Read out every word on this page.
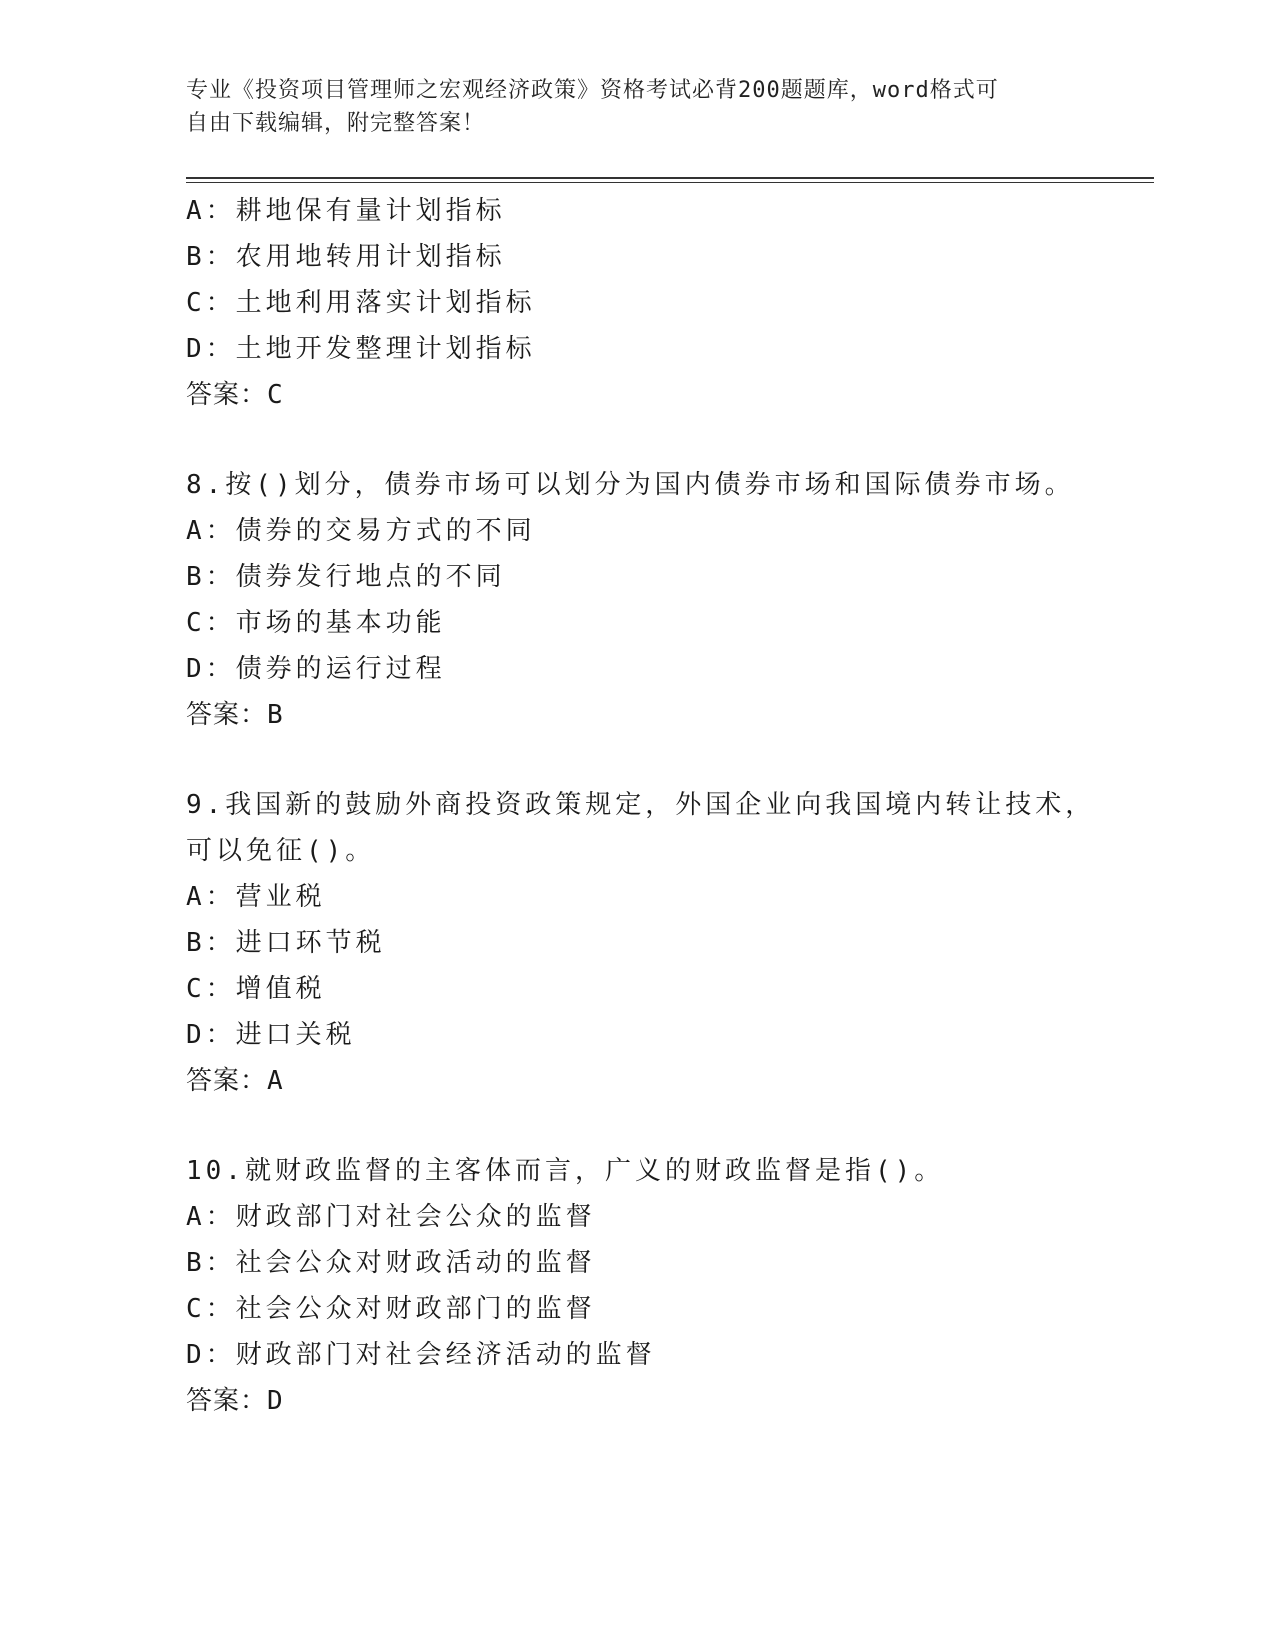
专业《投资项目管理师之宏观经济政策》资格考试必背200题题库，word格式可
自由下载编辑，附完整答案！
A：耕地保有量计划指标
B：农用地转用计划指标
C：土地利用落实计划指标
D：土地开发整理计划指标
答案：C
8.按()划分，债券市场可以划分为国内债券市场和国际债券市场。
A：债券的交易方式的不同
B：债券发行地点的不同
C：市场的基本功能
D：债券的运行过程
答案：B
9.我国新的鼓励外商投资政策规定，外国企业向我国境内转让技术，
可以免征()。
A：营业税
B：进口环节税
C：增值税
D：进口关税
答案：A
10.就财政监督的主客体而言，广义的财政监督是指()。
A：财政部门对社会公众的监督
B：社会公众对财政活动的监督
C：社会公众对财政部门的监督
D：财政部门对社会经济活动的监督
答案：D
